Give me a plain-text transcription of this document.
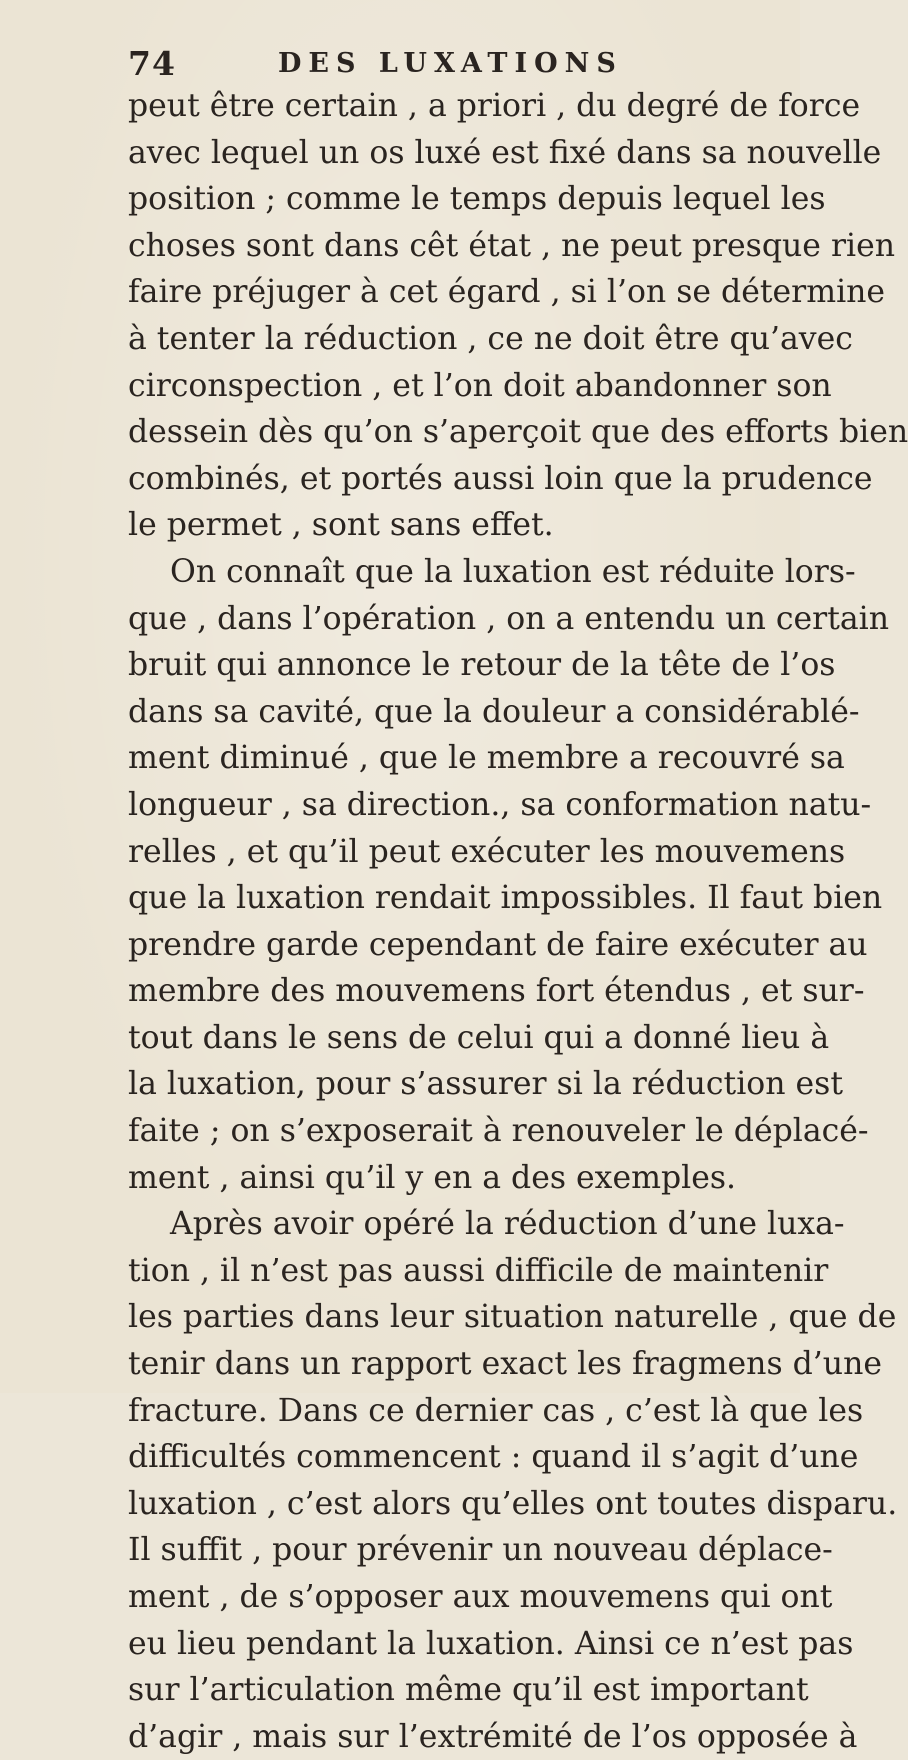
74	DES LUXATIONS
peut être certain , a priori , du degré de force
avec lequel un os luxé est fixé dans sa nouvelle
position ; comme le temps depuis lequel les
choses sont dans cêt état , ne peut presque rien
faire préjuger à cet égard , si l’on se détermine
à tenter la réduction , ce ne doit être qu’avec
circonspection , et l’on doit abandonner son
dessein dès qu’on s’aperçoit que des efforts bien
combinés, et portés aussi loin que la prudence
le permet , sont sans effet.
On connaît que la luxation est réduite lors-
que , dans l’opération , on a entendu un certain
bruit qui annonce le retour de la tête de l’os
dans sa cavité, que la douleur a considérablé-
ment diminué , que le membre a recouvré sa
longueur , sa direction., sa conformation natu-
relles , et qu’il peut exécuter les mouvemens
que la luxation rendait impossibles. Il faut bien
prendre garde cependant de faire exécuter au
membre des mouvemens fort étendus , et sur-
tout dans le sens de celui qui a donné lieu à
la luxation, pour s’assurer si la réduction est
faite ; on s’exposerait à renouveler le déplacé-
ment , ainsi qu’il y en a des exemples.
Après avoir opéré la réduction d’une luxa-
tion , il n’est pas aussi difficile de maintenir
les parties dans leur situation naturelle , que de
tenir dans un rapport exact les fragmens d’une
fracture. Dans ce dernier cas , c’est là que les
difficultés commencent : quand il s’agit d’une
luxation , c’est alors qu’elles ont toutes disparu.
Il suffit , pour prévenir un nouveau déplace-
ment , de s’opposer aux mouvemens qui ont
eu lieu pendant la luxation. Ainsi ce n’est pas
sur l’articulation même qu’il est important
d’agir , mais sur l’extrémité de l’os opposée à
